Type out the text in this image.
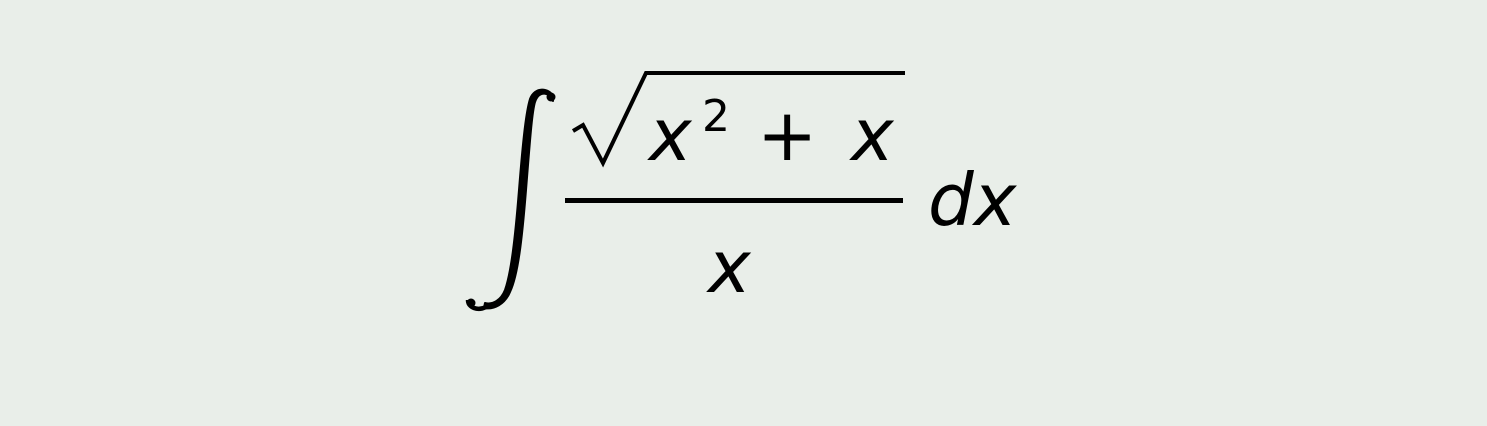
x 2 + x
x
dx
